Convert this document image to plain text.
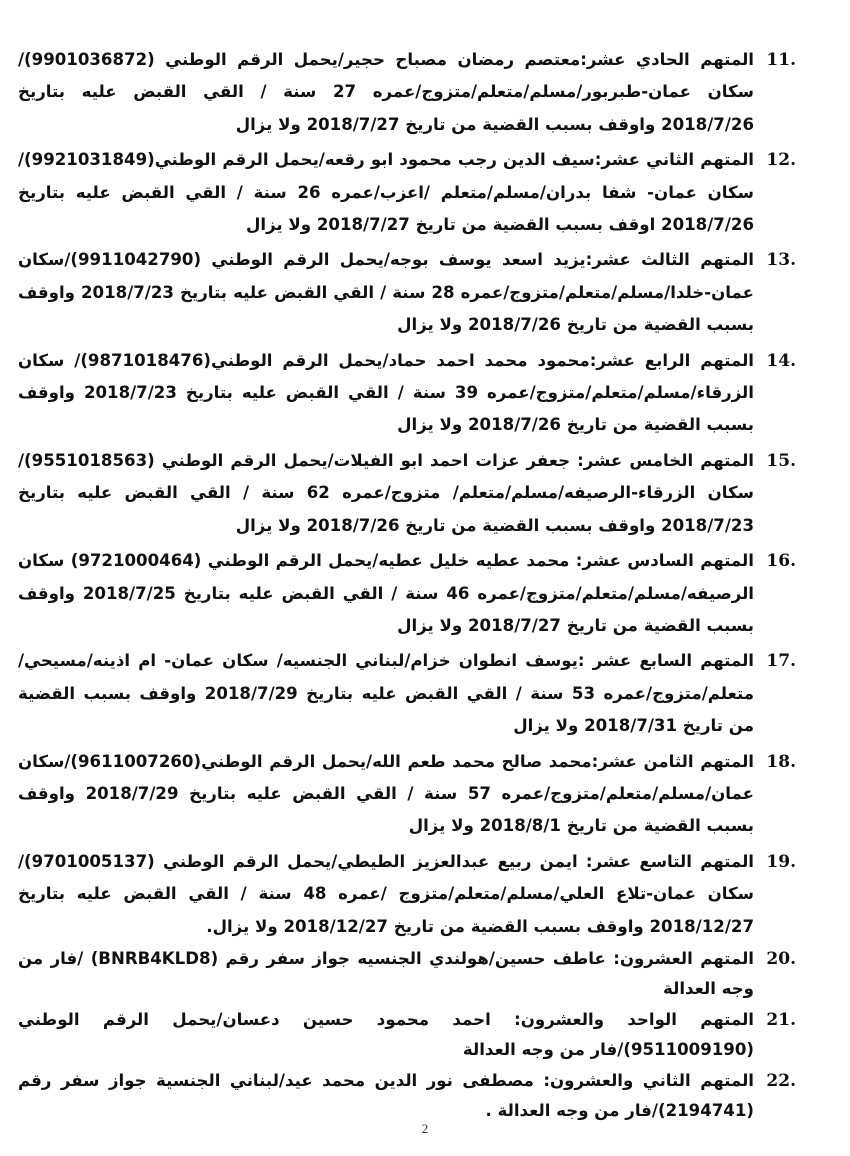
11.
المتهم الحادي عشر:معتصم رمضان مصباح حجير/يحمل الرقم الوطني (9901036872)/سكان عمان-طبربور/مسلم/متعلم/متزوج/عمره 27 سنة / القي القبض عليه بتاريخ 2018/7/26 واوقف بسبب القضية من تاريخ 2018/7/27 ولا يزال
12.
المتهم الثاني عشر:سيف الدين رجب محمود ابو رقعه/يحمل الرقم الوطني(9921031849)/سكان عمان- شفا بدران/مسلم/متعلم /اعزب/عمره 26 سنة / القي القبض عليه بتاريخ 2018/7/26 اوقف بسبب القضية من تاريخ 2018/7/27 ولا يزال
13.
المتهم الثالث عشر:يزيد اسعد يوسف بوجه/يحمل الرقم الوطني (9911042790)/سكان عمان-خلدا/مسلم/متعلم/متزوج/عمره 28 سنة / القي القبض عليه بتاريخ 2018/7/23 واوقف بسبب القضية من تاريخ 2018/7/26 ولا يزال
14.
المتهم الرابع عشر:محمود محمد احمد حماد/يحمل الرقم الوطني(9871018476)/ سكان الزرقاء/مسلم/متعلم/متزوج/عمره 39 سنة / القي القبض عليه بتاريخ 2018/7/23 واوقف بسبب القضية من تاريخ 2018/7/26 ولا يزال
15.
المتهم الخامس عشر: جعفر عزات احمد ابو الفيلات/يحمل الرقم الوطني (9551018563)/سكان الزرقاء-الرصيفه/مسلم/متعلم/ متزوج/عمره 62 سنة / القي القبض عليه بتاريخ 2018/7/23 واوقف بسبب القضية من تاريخ 2018/7/26 ولا يزال
16.
المتهم السادس عشر: محمد عطيه خليل عطيه/يحمل الرقم الوطني (9721000464) سكان الرصيفه/مسلم/متعلم/متزوج/عمره 46 سنة / القي القبض عليه بتاريخ 2018/7/25 واوقف بسبب القضية من تاريخ 2018/7/27 ولا يزال
17.
المتهم السابع عشر :يوسف انطوان خزام/لبناني الجنسيه/ سكان عمان- ام اذينه/مسيحي/متعلم/متزوج/عمره 53 سنة / القي القبض عليه بتاريخ 2018/7/29 واوقف بسبب القضية من تاريخ 2018/7/31 ولا يزال
18.
المتهم الثامن عشر:محمد صالح محمد طعم الله/يحمل الرقم الوطني(9611007260)/سكان عمان/مسلم/متعلم/متزوج/عمره 57 سنة / القي القبض عليه بتاريخ 2018/7/29 واوقف بسبب القضية من تاريخ 2018/8/1 ولا يزال
19.
المتهم التاسع عشر: ايمن ربيع عبدالعزيز الطيطي/يحمل الرقم الوطني (9701005137)/ سكان عمان-تلاع العلي/مسلم/متعلم/متزوج /عمره 48 سنة / القي القبض عليه بتاريخ 2018/12/27 واوقف بسبب القضية من تاريخ 2018/12/27 ولا يزال.
20.
المتهم العشرون: عاطف حسين/هولندي الجنسيه جواز سفر رقم (BNRB4KLD8) /فار من وجه العدالة
21.
المتهم الواحد والعشرون: احمد محمود حسين دعسان/يحمل الرقم الوطني (9511009190)/فار من وجه العدالة
22.
المتهم الثاني والعشرون: مصطفى نور الدين محمد عيد/لبناني الجنسية جواز سفر رقم (2194741)/فار من وجه العدالة .
2
